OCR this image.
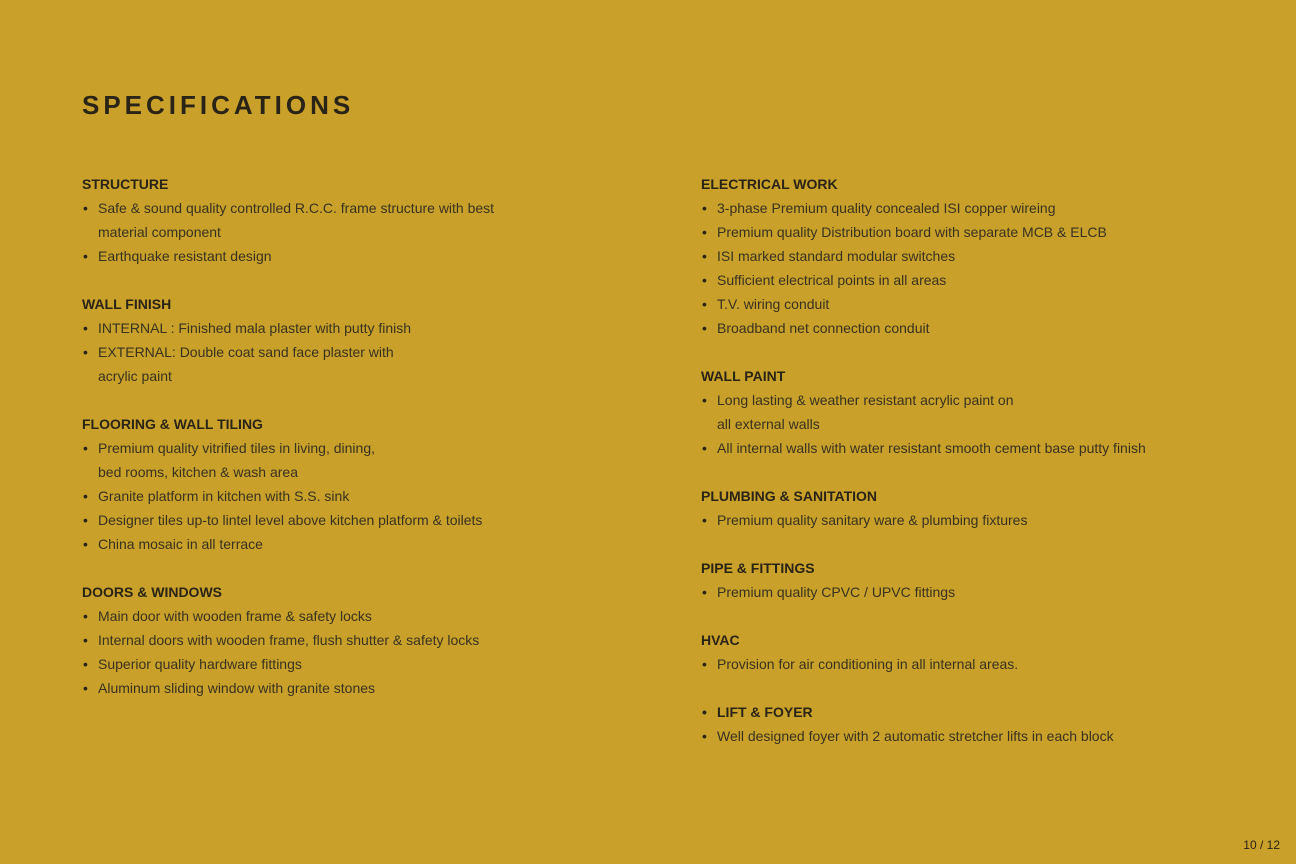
SPECIFICATIONS
STRUCTURE
• Safe & sound quality controlled R.C.C. frame structure with best
material component
• Earthquake resistant design
WALL FINISH
• INTERNAL : Finished mala plaster with putty finish
• EXTERNAL: Double coat sand face plaster with
acrylic paint
FLOORING & WALL TILING
• Premium quality vitrified tiles in living, dining,
bed rooms, kitchen & wash area
• Granite platform in kitchen with S.S. sink
• Designer tiles up-to lintel level above kitchen platform & toilets
• China mosaic in all terrace
DOORS & WINDOWS
• Main door with wooden frame & safety locks
• Internal doors with wooden frame, flush shutter & safety locks
• Superior quality hardware fittings
• Aluminum sliding window with granite stones
ELECTRICAL WORK
• 3-phase Premium quality concealed ISI copper wireing
• Premium quality Distribution board with separate MCB & ELCB
• ISI marked standard modular switches
• Sufficient electrical points in all areas
• T.V. wiring conduit
• Broadband net connection conduit
WALL PAINT
• Long lasting & weather resistant acrylic paint on
all external walls
• All internal walls with water resistant smooth cement base putty finish
PLUMBING & SANITATION
• Premium quality sanitary ware & plumbing fixtures
PIPE & FITTINGS
• Premium quality CPVC / UPVC fittings
HVAC
• Provision for air conditioning in all internal areas.
• LIFT & FOYER
• Well designed foyer with 2 automatic stretcher lifts in each block
10 / 12
